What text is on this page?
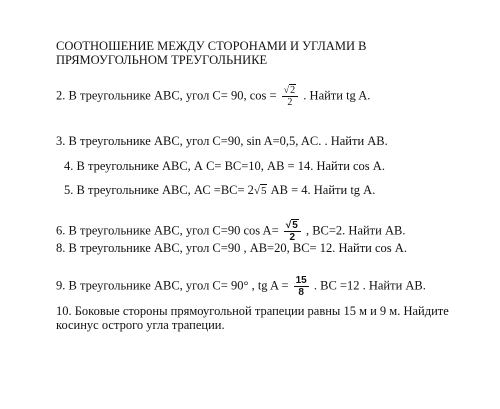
СООТНОШЕНИЕ МЕЖДУ СТОРОНАМИ И УГЛАМИ В
ПРЯМОУГОЛЬНОМ ТРЕУГОЛЬНИКЕ
2. В треугольнике АВС, угол С= 90, $\cos = \frac{√2}{2}$ . Найти tg A.
3. В треугольнике АВС, угол С=90, sin A=0,5, AC. . Найти АВ.
4. В треугольнике АВС, А С= ВС=10, АВ = 14. Найти cos А.
5. В треугольнике АВС, АС =ВС= 2√5 АВ = 4. Найти tg А.
6. В треугольнике АВС, угол С=90 $\cos A= \frac{√5}{2}$ , ВС=2. Найти АВ.
8. В треугольнике АВС, угол С=90 , АВ=20, ВС= 12. Найти cos А.
9. В треугольнике АВС, угол С= 90° , tg $A = \frac{15}{8}$ . ВС =12 . Найти АВ.
10. Боковые стороны прямоугольной трапеции равны 15 м и 9 м. Найдите
косинус острого угла трапеции.
